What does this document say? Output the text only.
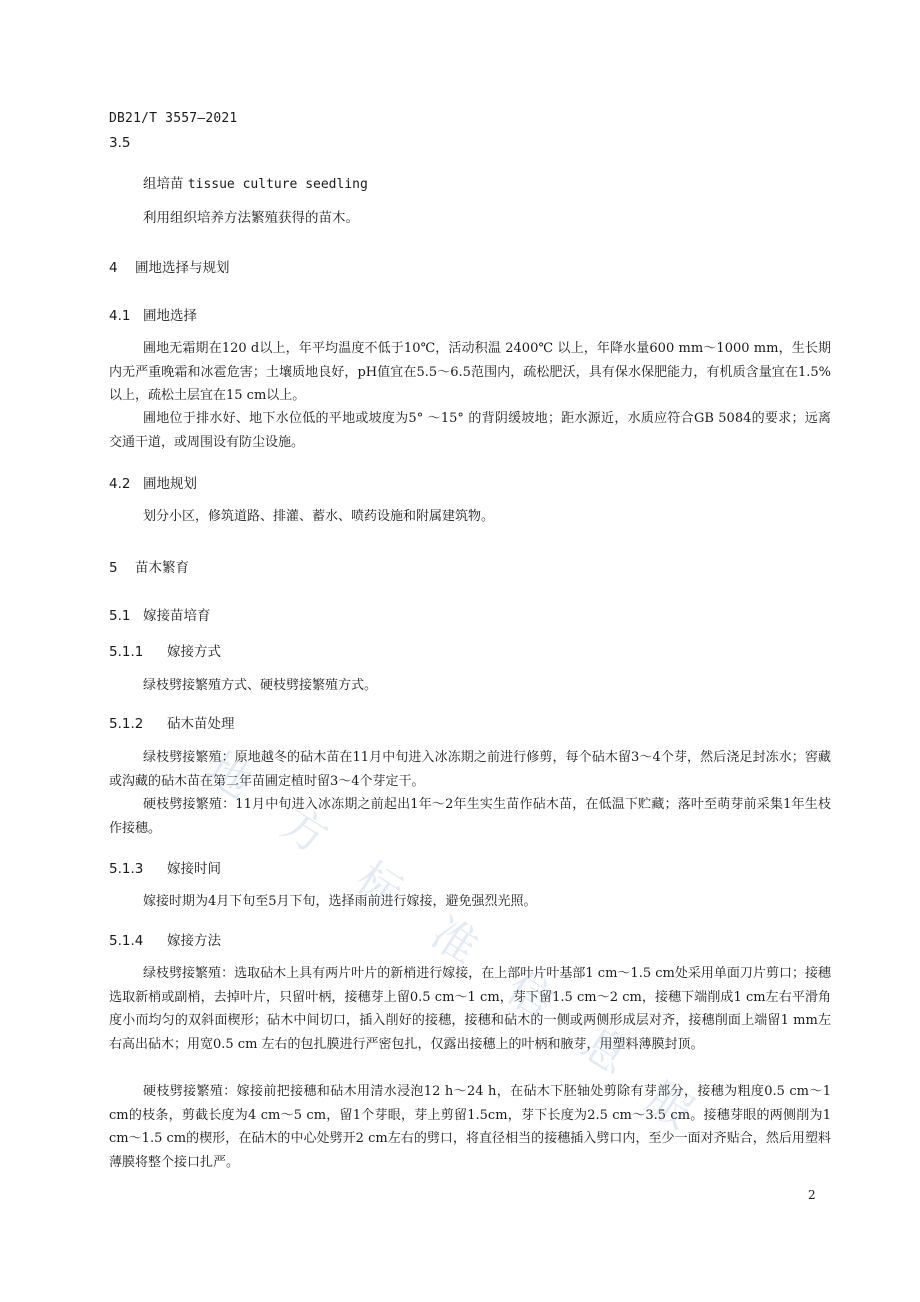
DB21/T 3557—2021
3.5
组培苗 tissue culture seedling
利用组织培养方法繁殖获得的苗木。
4 圃地选择与规划
4.1 圃地选择

圃地无霜期在120 d以上，年平均温度不低于10℃，活动积温 2400℃ 以上，年降水量600 mm～1000 mm，生长期内无严重晚霜和冰雹危害；土壤质地良好，pH值宜在5.5～6.5范围内，疏松肥沃，具有保水保肥能力，有机质含量宜在1.5%以上，疏松土层宜在15 cm以上。

圃地位于排水好、地下水位低的平地或坡度为5° ～15° 的背阴缓坡地；距水源近，水质应符合GB 5084的要求；远离交通干道，或周围设有防尘设施。

4.2 圃地规划

划分小区，修筑道路、排灌、蓄水、喷药设施和附属建筑物。

5 苗木繁育
5.1 嫁接苗培育
5.1.1 嫁接方式

绿枝劈接繁殖方式、硬枝劈接繁殖方式。

5.1.2 砧木苗处理

绿枝劈接繁殖：原地越冬的砧木苗在11月中旬进入冰冻期之前进行修剪，每个砧木留3～4个芽，然后浇足封冻水；窖藏或沟藏的砧木苗在第二年苗圃定植时留3～4个芽定干。

硬枝劈接繁殖：11月中旬进入冰冻期之前起出1年～2年生实生苗作砧木苗，在低温下贮藏；落叶至萌芽前采集1年生枝作接穗。

5.1.3 嫁接时间

嫁接时期为4月下旬至5月下旬，选择雨前进行嫁接，避免强烈光照。

5.1.4 嫁接方法

绿枝劈接繁殖：选取砧木上具有两片叶片的新梢进行嫁接，在上部叶片叶基部1 cm～1.5 cm处采用单面刀片剪口；接穗选取新梢或副梢，去掉叶片，只留叶柄，接穗芽上留0.5 cm～1 cm，芽下留1.5 cm～2 cm，接穗下端削成1 cm左右平滑角度小而均匀的双斜面楔形；砧木中间切口，插入削好的接穗，接穗和砧木的一侧或两侧形成层对齐，接穗削面上端留1 mm左右高出砧木；用宽0.5 cm 左右的包扎膜进行严密包扎，仅露出接穗上的叶柄和腋芽，用塑料薄膜封顶。

硬枝劈接繁殖：嫁接前把接穗和砧木用清水浸泡12 h～24 h，在砧木下胚轴处剪除有芽部分，接穗为粗度0.5 cm～1 cm的枝条，剪截长度为4 cm～5 cm，留1个芽眼，芽上剪留1.5cm，芽下长度为2.5 cm～3.5 cm。接穗芽眼的两侧削为1 cm～1.5 cm的楔形，在砧木的中心处劈开2 cm左右的劈口，将直径相当的接穗插入劈口内，至少一面对齐贴合，然后用塑料薄膜将整个接口扎严。

2
地
方
标
准
信
息
服
